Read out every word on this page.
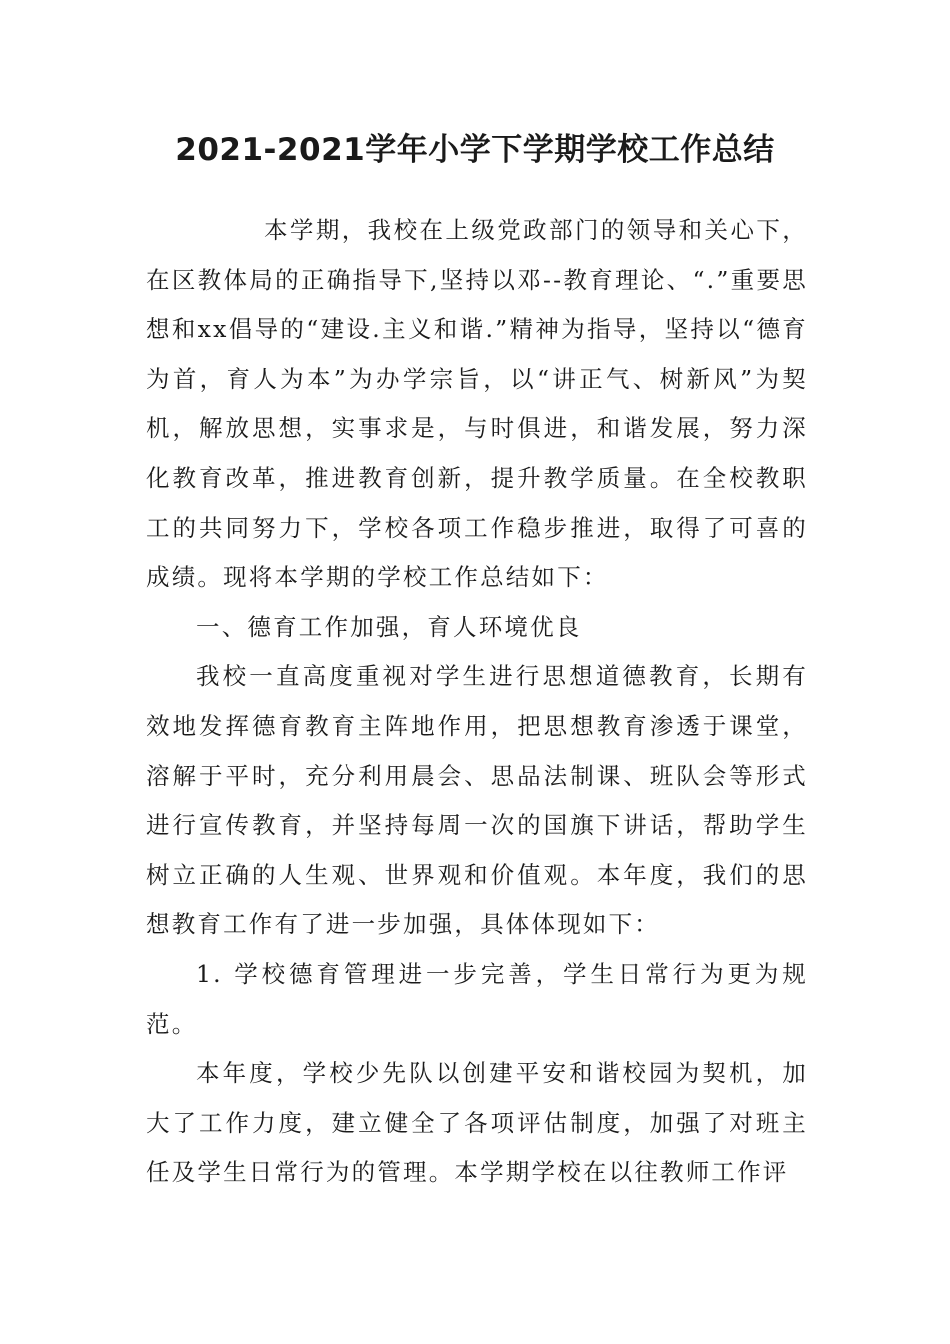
2021-2021学年小学下学期学校工作总结

本学期，我校在上级党政部门的领导和关心下，在区教体局的正确指导下,坚持以邓--教育理论、“.”重要思想和xx倡导的“建设.主义和谐.”精神为指导，坚持以“德育为首，育人为本”为办学宗旨，以“讲正气、树新风”为契机，解放思想，实事求是，与时俱进，和谐发展，努力深化教育改革，推进教育创新，提升教学质量。在全校教职工的共同努力下，学校各项工作稳步推进，取得了可喜的成绩。现将本学期的学校工作总结如下：

一、德育工作加强，育人环境优良

我校一直高度重视对学生进行思想道德教育，长期有效地发挥德育教育主阵地作用，把思想教育渗透于课堂，溶解于平时，充分利用晨会、思品法制课、班队会等形式进行宣传教育，并坚持每周一次的国旗下讲话，帮助学生树立正确的人生观、世界观和价值观。本年度，我们的思想教育工作有了进一步加强，具体体现如下：

1. 学校德育管理进一步完善，学生日常行为更为规范。

本年度，学校少先队以创建平安和谐校园为契机，加大了工作力度，建立健全了各项评估制度，加强了对班主任及学生日常行为的管理。本学期学校在以往教师工作评
